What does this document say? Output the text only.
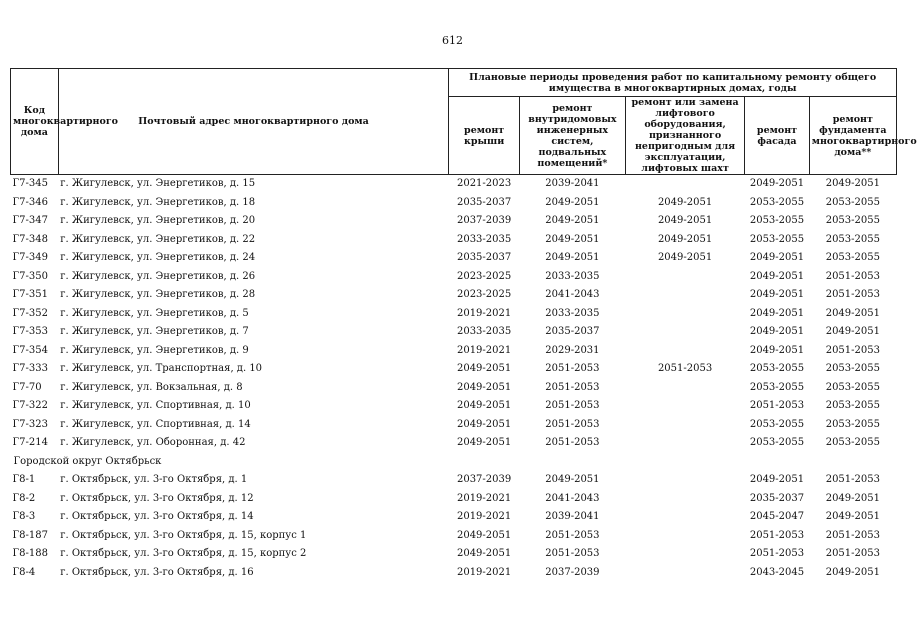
612
Код многоквартирного дома	Почтовый адрес многоквартирного дома	Плановые периоды проведения работ по капитальному ремонту общего имущества в многоквартирных домах, годы				
		ремонт крыши	ремонт внутридомовых инженерных систем, подвальных помещений*	ремонт или замена лифтового оборудования, признанного непригодным для эксплуатации, лифтовых шахт	ремонт фасада	ремонт фундамента многоквартирного дома**
Г7-345	г. Жигулевск, ул. Энергетиков, д. 15	2021-2023	2039-2041		2049-2051	2049-2051
Г7-346	г. Жигулевск, ул. Энергетиков, д. 18	2035-2037	2049-2051	2049-2051	2053-2055	2053-2055
Г7-347	г. Жигулевск, ул. Энергетиков, д. 20	2037-2039	2049-2051	2049-2051	2053-2055	2053-2055
Г7-348	г. Жигулевск, ул. Энергетиков, д. 22	2033-2035	2049-2051	2049-2051	2053-2055	2053-2055
Г7-349	г. Жигулевск, ул. Энергетиков, д. 24	2035-2037	2049-2051	2049-2051	2049-2051	2053-2055
Г7-350	г. Жигулевск, ул. Энергетиков, д. 26	2023-2025	2033-2035		2049-2051	2051-2053
Г7-351	г. Жигулевск, ул. Энергетиков, д. 28	2023-2025	2041-2043		2049-2051	2051-2053
Г7-352	г. Жигулевск, ул. Энергетиков, д. 5	2019-2021	2033-2035		2049-2051	2049-2051
Г7-353	г. Жигулевск, ул. Энергетиков, д. 7	2033-2035	2035-2037		2049-2051	2049-2051
Г7-354	г. Жигулевск, ул. Энергетиков, д. 9	2019-2021	2029-2031		2049-2051	2051-2053
Г7-333	г. Жигулевск, ул. Транспортная, д. 10	2049-2051	2051-2053	2051-2053	2053-2055	2053-2055
Г7-70	г. Жигулевск, ул. Вокзальная, д. 8	2049-2051	2051-2053		2053-2055	2053-2055
Г7-322	г. Жигулевск, ул. Спортивная, д. 10	2049-2051	2051-2053		2051-2053	2053-2055
Г7-323	г. Жигулевск, ул. Спортивная, д. 14	2049-2051	2051-2053		2053-2055	2053-2055
Г7-214	г. Жигулевск, ул. Оборонная, д. 42	2049-2051	2051-2053		2053-2055	2053-2055
Городской округ Октябрьск						
Г8-1	г. Октябрьск, ул. 3-го Октября, д. 1	2037-2039	2049-2051		2049-2051	2051-2053
Г8-2	г. Октябрьск, ул. 3-го Октября, д. 12	2019-2021	2041-2043		2035-2037	2049-2051
Г8-3	г. Октябрьск, ул. 3-го Октября, д. 14	2019-2021	2039-2041		2045-2047	2049-2051
Г8-187	г. Октябрьск, ул. 3-го Октября, д. 15, корпус 1	2049-2051	2051-2053		2051-2053	2051-2053
Г8-188	г. Октябрьск, ул. 3-го Октября, д. 15, корпус 2	2049-2051	2051-2053		2051-2053	2051-2053
Г8-4	г. Октябрьск, ул. 3-го Октября, д. 16	2019-2021	2037-2039		2043-2045	2049-2051
